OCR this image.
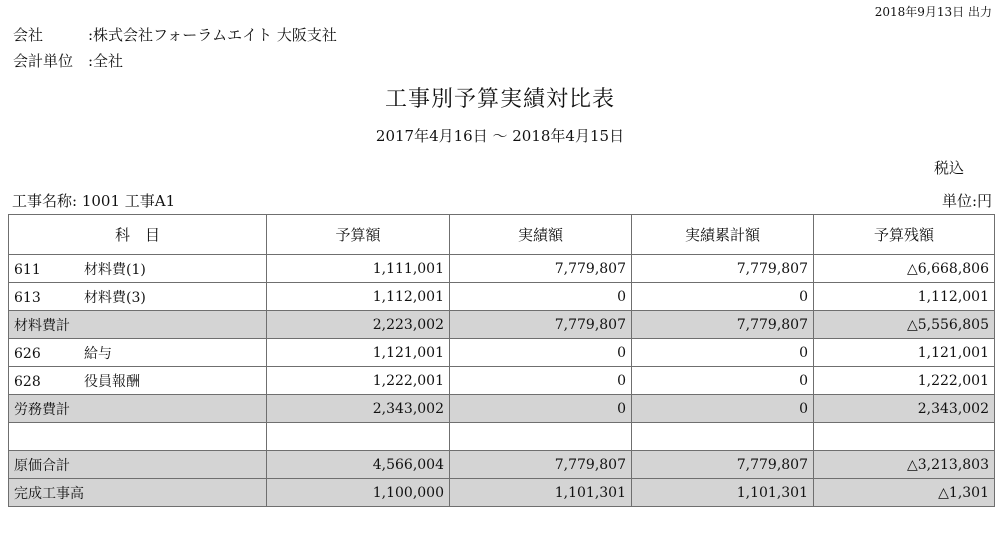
2018年9月13日 出力
会社	:株式会社フォーラムエイト 大阪支社
会計単位 :全社
工事別予算実績対比表
2017年4月16日 ～ 2018年4月15日
税込
工事名称: 1001 工事A1	単位:円
科　目	予算額	実績額	実績累計額	予算残額
611 材料費(1)	1,111,001	7,779,807	7,779,807	△6,668,806
613 材料費(3)	1,112,001	0	0	1,112,001
材料費計	2,223,002	7,779,807	7,779,807	△5,556,805
626 給与	1,121,001	0	0	1,121,001
628 役員報酬	1,222,001	0	0	1,222,001
労務費計	2,343,002	0	0	2,343,002

原価合計	4,566,004	7,779,807	7,779,807	△3,213,803
完成工事高	1,100,000	1,101,301	1,101,301	△1,301
